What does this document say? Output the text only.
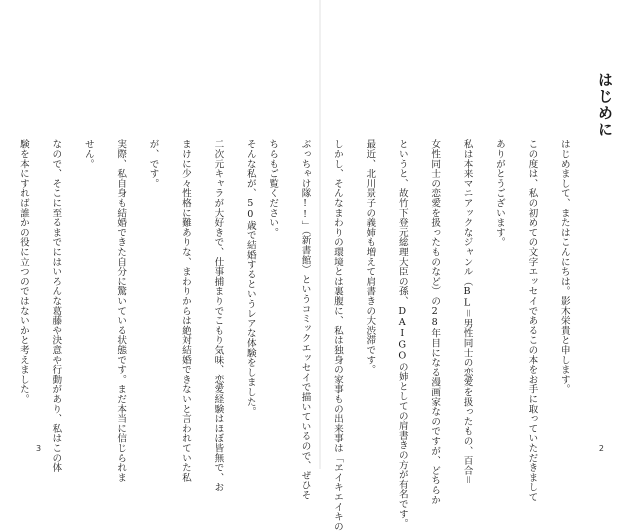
そんな私が、50歳で結婚するというレアな体験をしました。

二次元キャラが大好きで、仕事捕まりでこもり気味、恋愛経験はほぼ皆無で、お

まけに少々性格に難ありな、まわりからは絶対結婚できないと言われていた私

が、です。

実際、私自身も結婚できた自分に驚いている状態です。まだ本当に信じられま

せん。

なので、そこに至るまでにはいろんな葛藤や決意や行動があり、私はこの体

験を本にすれば誰かの役に立つのではないかと考えました。

3
はじめに

はじめまして、またはこんにちは。影木栄貴と申します。

この度は、私の初めての文字エッセイであるこの本をお手に取っていただきまして

ありがとうございます。

私は本来マニアックなジャンル（BL＝男性同士の恋愛を扱ったもの、百合＝

女性同士の恋愛を扱ったものなど）の28年目になる漫画家なのですが、どちらか

というと、故竹下登元総理大臣の孫、DAIGOの姉としての肩書きの方が有名です。

最近、北川景子の義姉も増えて肩書きの大渋滞です。

しかし、そんなまわりの環境とは裏腹に、私は独身の家事もの出来事は「ヱイキエイキの

ぶっちゃけ隊!!」（新書館）というコミックエッセイで描いているので、ぜひそ

ちらもご覧ください。

2
